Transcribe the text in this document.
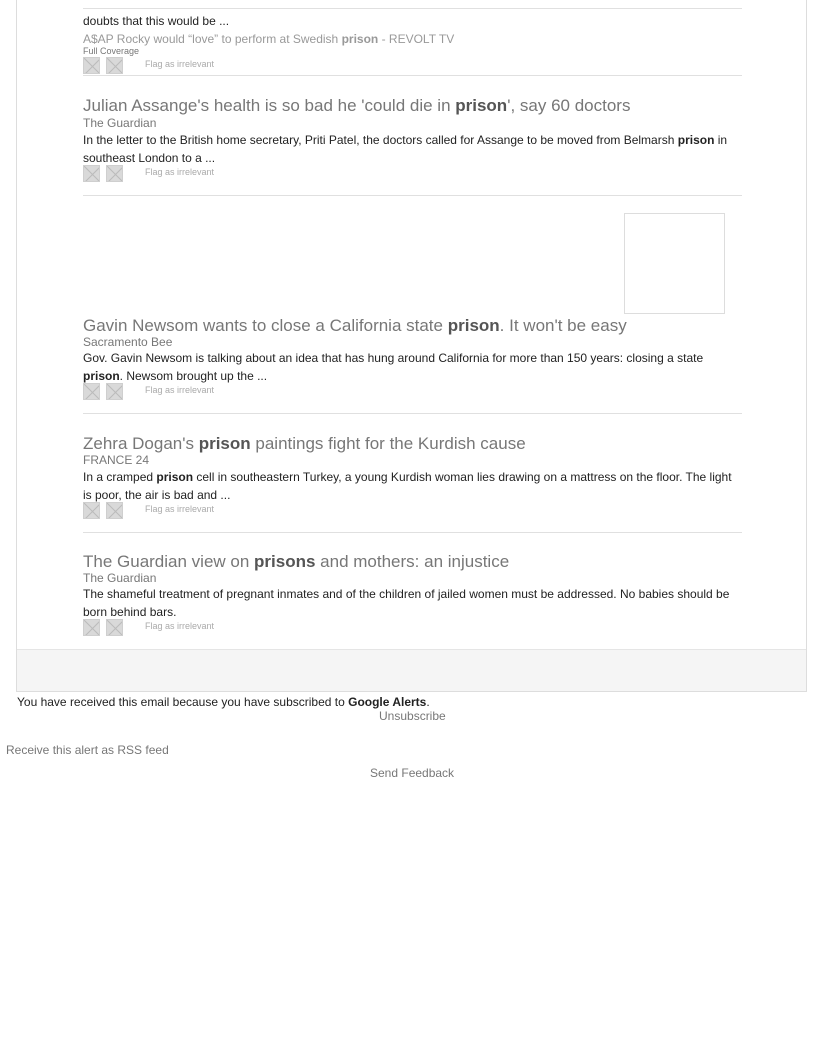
doubts that this would be ...
A$AP Rocky would “love” to perform at Swedish prison - REVOLT TV
Full Coverage
Flag as irrelevant
Julian Assange's health is so bad he 'could die in prison', say 60 doctors
The Guardian
In the letter to the British home secretary, Priti Patel, the doctors called for Assange to be moved from Belmarsh prison in southeast London to a ...
Flag as irrelevant
Gavin Newsom wants to close a California state prison. It won't be easy
Sacramento Bee
Gov. Gavin Newsom is talking about an idea that has hung around California for more than 150 years: closing a state prison. Newsom brought up the ...
Flag as irrelevant
Zehra Dogan's prison paintings fight for the Kurdish cause
FRANCE 24
In a cramped prison cell in southeastern Turkey, a young Kurdish woman lies drawing on a mattress on the floor. The light is poor, the air is bad and ...
Flag as irrelevant
The Guardian view on prisons and mothers: an injustice
The Guardian
The shameful treatment of pregnant inmates and of the children of jailed women must be addressed. No babies should be born behind bars.
Flag as irrelevant
You have received this email because you have subscribed to Google Alerts.
Unsubscribe
Receive this alert as RSS feed
Send Feedback
